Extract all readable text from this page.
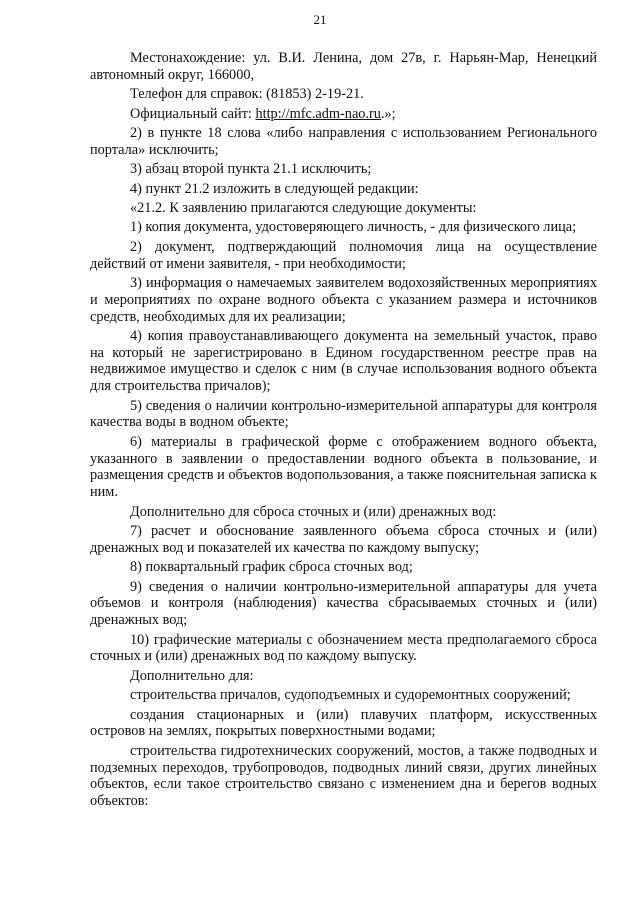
21

Местонахождение: ул. В.И. Ленина, дом 27в, г. Нарьян-Мар, Ненецкий автономный округ, 166000,

Телефон для справок: (81853) 2-19-21.

Официальный сайт: http://mfc.adm-nao.ru.»;

2) в пункте 18 слова «либо направления с использованием Регионального портала» исключить;

3) абзац второй пункта 21.1 исключить;

4) пункт 21.2 изложить в следующей редакции:

«21.2. К заявлению прилагаются следующие документы:

1) копия документа, удостоверяющего личность, - для физического лица;

2) документ, подтверждающий полномочия лица на осуществление действий от имени заявителя, - при необходимости;

3) информация о намечаемых заявителем водохозяйственных мероприятиях и мероприятиях по охране водного объекта с указанием размера и источников средств, необходимых для их реализации;

4) копия правоустанавливающего документа на земельный участок, право на который не зарегистрировано в Едином государственном реестре прав на недвижимое имущество и сделок с ним (в случае использования водного объекта для строительства причалов);

5) сведения о наличии контрольно-измерительной аппаратуры для контроля качества воды в водном объекте;

6) материалы в графической форме с отображением водного объекта, указанного в заявлении о предоставлении водного объекта в пользование, и размещения средств и объектов водопользования, а также пояснительная записка к ним.

Дополнительно для сброса сточных и (или) дренажных вод:

7) расчет и обоснование заявленного объема сброса сточных и (или) дренажных вод и показателей их качества по каждому выпуску;

8) поквартальный график сброса сточных вод;

9) сведения о наличии контрольно-измерительной аппаратуры для учета объемов и контроля (наблюдения) качества сбрасываемых сточных и (или) дренажных вод;

10) графические материалы с обозначением места предполагаемого сброса сточных и (или) дренажных вод по каждому выпуску.

Дополнительно для:

строительства причалов, судоподъемных и судоремонтных сооружений;

создания стационарных и (или) плавучих платформ, искусственных островов на землях, покрытых поверхностными водами;

строительства гидротехнических сооружений, мостов, а также подводных и подземных переходов, трубопроводов, подводных линий связи, других линейных объектов, если такое строительство связано с изменением дна и берегов водных объектов:
